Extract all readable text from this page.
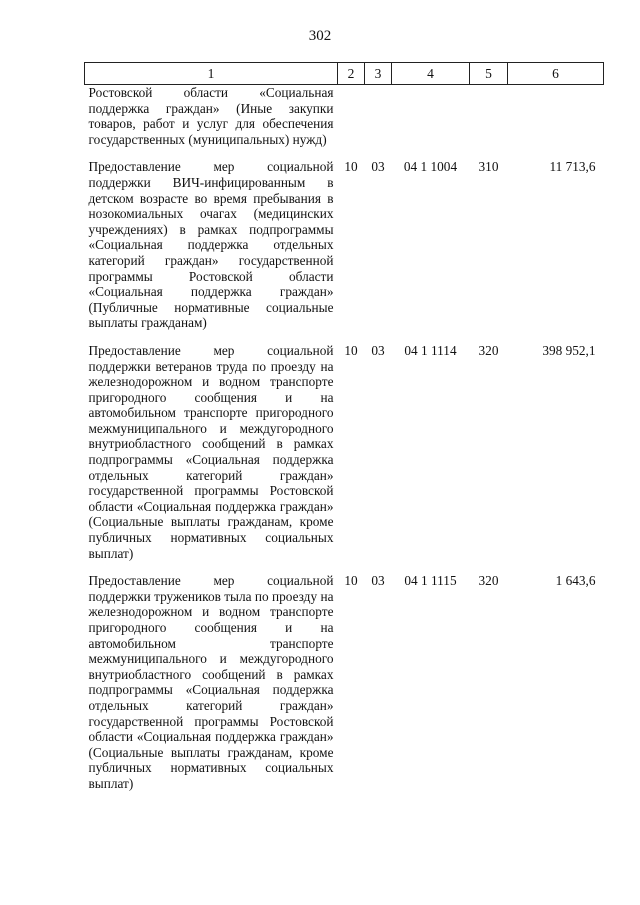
302
1	2	3	4	5	6
Ростовской области «Социальная поддержка граждан» (Иные закупки товаров, работ и услуг для обеспечения государственных (муниципальных) нужд)					
Предоставление мер социальной поддержки ВИЧ-инфицированным в детском возрасте во время пребывания в нозокомиальных очагах (медицинских учреждениях) в рамках подпрограммы «Социальная поддержка отдельных категорий граждан» государственной программы Ростовской области «Социальная поддержка граждан» (Публичные нормативные социальные выплаты гражданам)	10	03	04 1 1004	310	11 713,6
Предоставление мер социальной поддержки ветеранов труда по проезду на железнодорожном и водном транспорте пригородного сообщения и на автомобильном транспорте пригородного межмуниципального и междугородного внутриобластного сообщений в рамках подпрограммы «Социальная поддержка отдельных категорий граждан» государственной программы Ростовской области «Социальная поддержка граждан» (Социальные выплаты гражданам, кроме публичных нормативных социальных выплат)	10	03	04 1 1114	320	398 952,1
Предоставление мер социальной поддержки тружеников тыла по проезду на железнодорожном и водном транспорте пригородного сообщения и на автомобильном транспорте межмуниципального и междугородного внутриобластного сообщений в рамках подпрограммы «Социальная поддержка отдельных категорий граждан» государственной программы Ростовской области «Социальная поддержка граждан» (Социальные выплаты гражданам, кроме публичных нормативных социальных выплат)	10	03	04 1 1115	320	1 643,6
